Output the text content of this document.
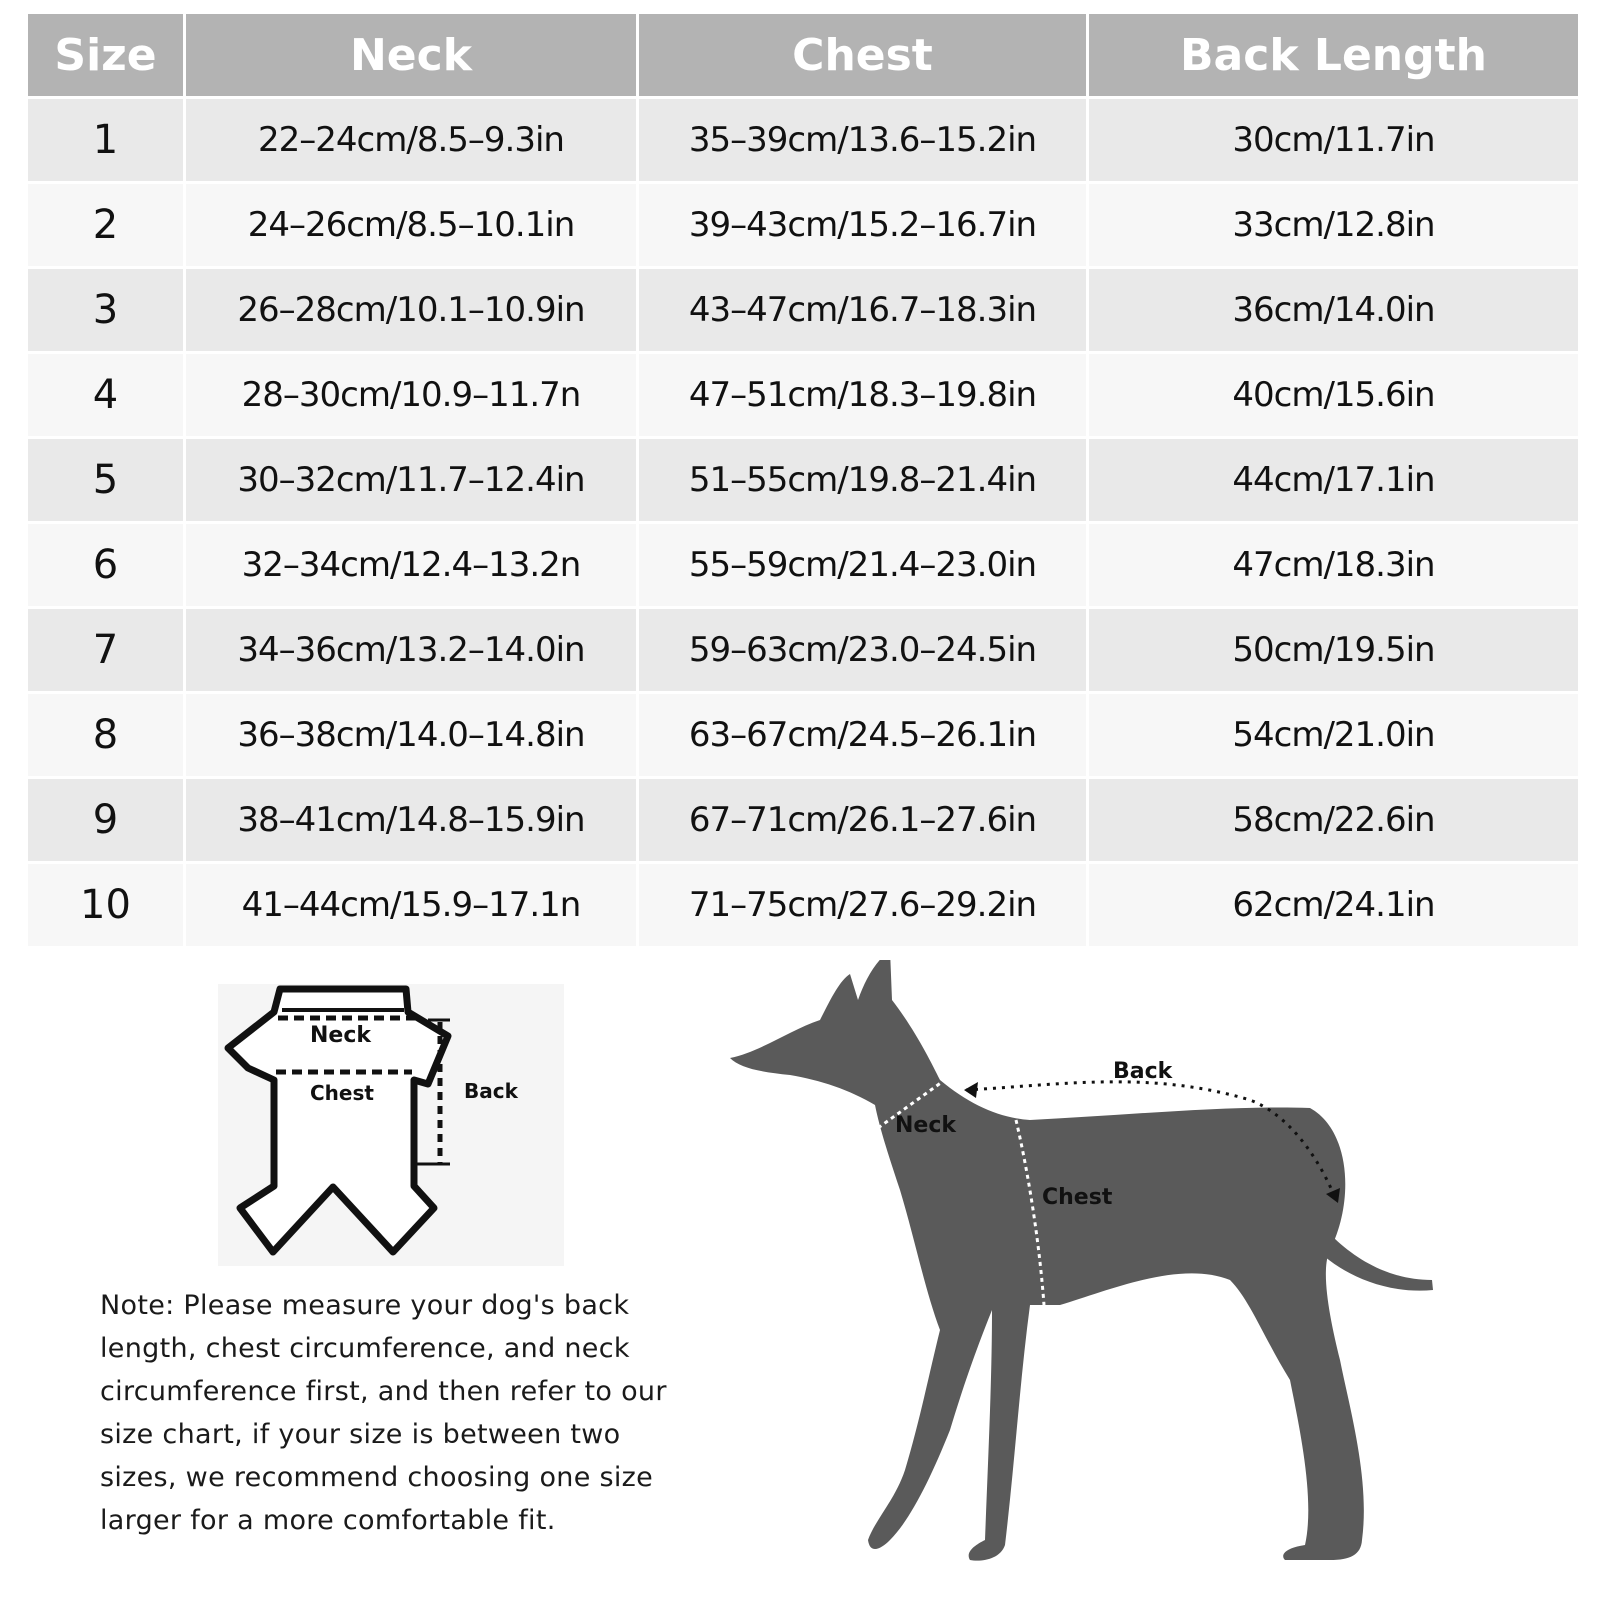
Size	Neck	Chest	Back Length
1	22–24cm/8.5–9.3in	35–39cm/13.6–15.2in	30cm/11.7in
2	24–26cm/8.5–10.1in	39–43cm/15.2–16.7in	33cm/12.8in
3	26–28cm/10.1–10.9in	43–47cm/16.7–18.3in	36cm/14.0in
4	28–30cm/10.9–11.7n	47–51cm/18.3–19.8in	40cm/15.6in
5	30–32cm/11.7–12.4in	51–55cm/19.8–21.4in	44cm/17.1in
6	32–34cm/12.4–13.2n	55–59cm/21.4–23.0in	47cm/18.3in
7	34–36cm/13.2–14.0in	59–63cm/23.0–24.5in	50cm/19.5in
8	36–38cm/14.0–14.8in	63–67cm/24.5–26.1in	54cm/21.0in
9	38–41cm/14.8–15.9in	67–71cm/26.1–27.6in	58cm/22.6in
10	41–44cm/15.9–17.1n	71–75cm/27.6–29.2in	62cm/24.1in
Neck
Chest	Back

Note: Please measure your dog's back length, chest circumference, and neck circumference first, and then refer to our size chart, if your size is between two sizes, we recommend choosing one size larger for a more comfortable fit.

Back
Neck
Chest
